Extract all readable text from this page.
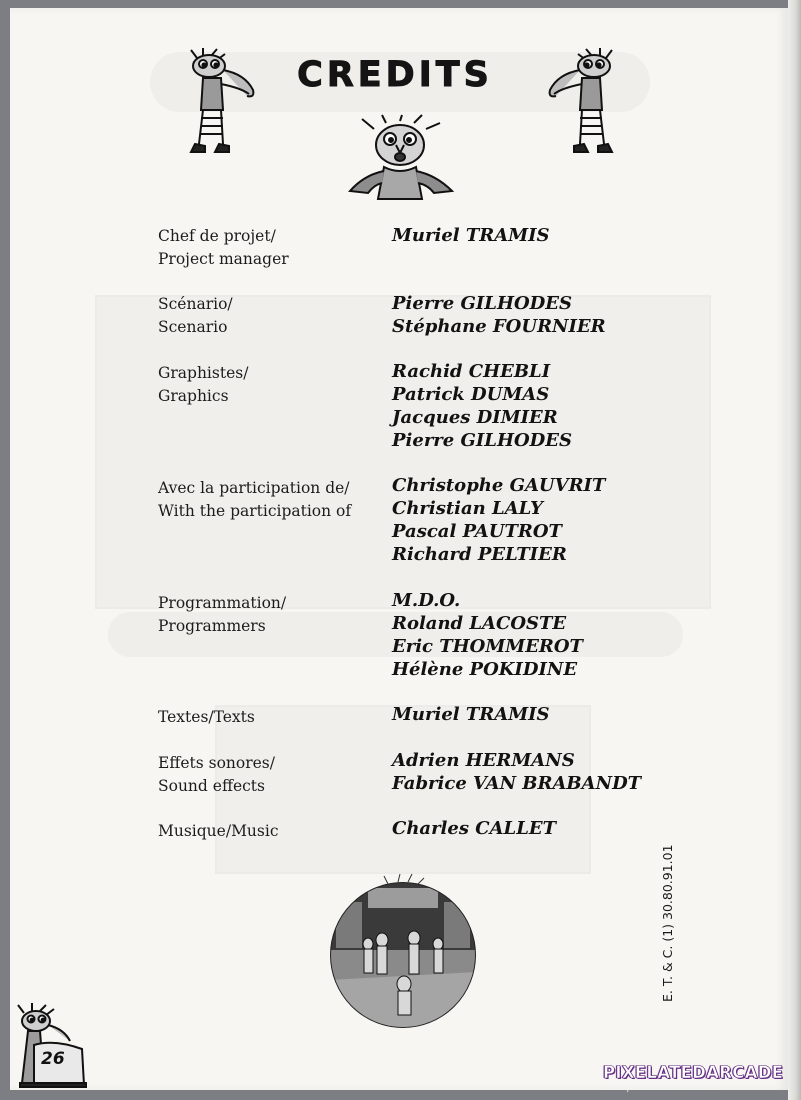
CREDITS
Chef de projet/
Project manager
Muriel TRAMIS
Scénario/
Scenario
Pierre GILHODES
Stéphane FOURNIER
Graphistes/
Graphics
Rachid CHEBLI
Patrick DUMAS
Jacques DIMIER
Pierre GILHODES
Avec la participation de/
With the participation of
Christophe GAUVRIT
Christian LALY
Pascal PAUTROT
Richard PELTIER
Programmation/
Programmers
M.D.O.
Roland LACOSTE
Eric THOMMEROT
Hélène POKIDINE
Textes/Texts	Muriel TRAMIS
Effets sonores/
Sound effects
Adrien HERMANS
Fabrice VAN BRABANDT
Musique/Music	Charles CALLET
E. T. & C. (1) 30.80.91.01
26
PIXELATEDARCADE
www.pixelatedarcade.com
